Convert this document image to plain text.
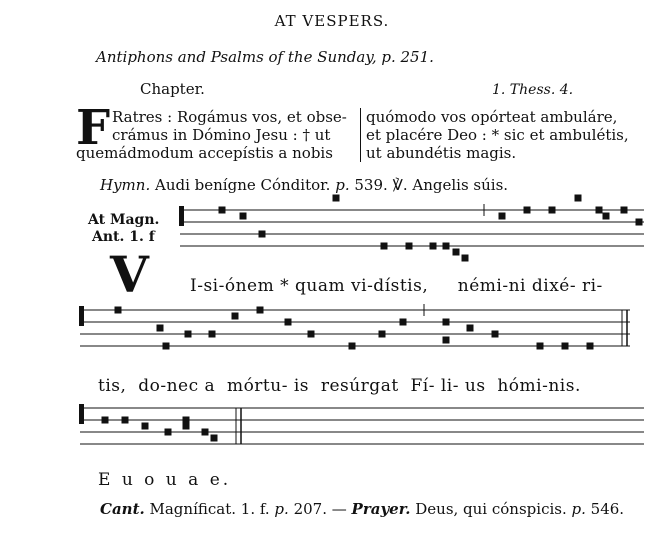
AT VESPERS.
Antiphons and Psalms of the Sunday, p. 251.
Chapter.	1. Thess. 4.
F Ratres : Rogámus vos, et obse-
crámus in Dómino Jesu : † ut
quemádmodum accepístis a nobis
quómodo vos opórteat ambuláre,
et placére Deo : * sic et ambulétis,
ut abundétis magis.
Hymn. Audi benígne Cónditor. p. 539. ℣. Angelis súis.
At Magn.
Ant. 1. f
V I-si-ónem * quam vi-dístis,     némi-ni dixé- ri-
tis,  do-nec a  mórtu- is  resúrgat  Fí- li- us  hómi-nis.
E u o u a e.
Cant. Magníficat. 1. f. p. 207. — Prayer. Deus, qui cónspicis. p. 546.
